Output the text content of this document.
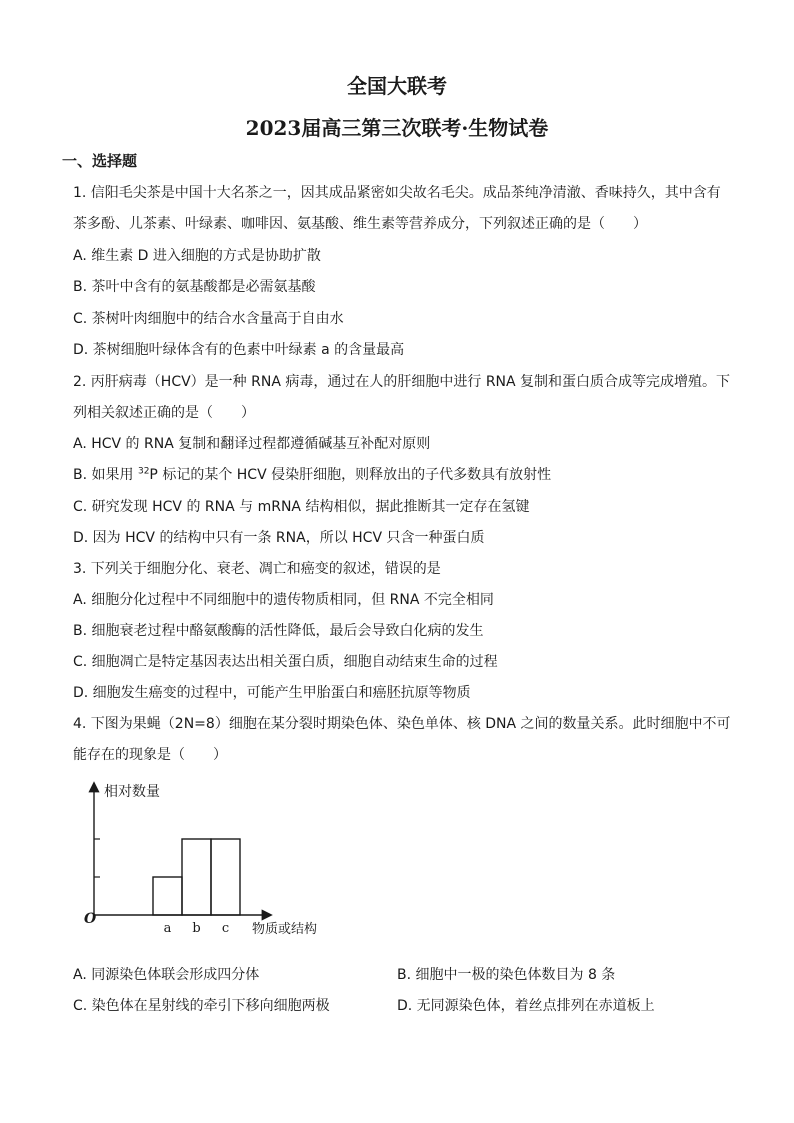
全国大联考
2023届高三第三次联考·生物试卷
一、选择题
1. 信阳毛尖茶是中国十大名茶之一，因其成品紧密如尖故名毛尖。成品茶纯净清澈、香味持久，其中含有
茶多酚、儿茶素、叶绿素、咖啡因、氨基酸、维生素等营养成分，下列叙述正确的是（　　）
A. 维生素 D 进入细胞的方式是协助扩散
B. 茶叶中含有的氨基酸都是必需氨基酸
C. 茶树叶肉细胞中的结合水含量高于自由水
D. 茶树细胞叶绿体含有的色素中叶绿素 a 的含量最高
2. 丙肝病毒（HCV）是一种 RNA 病毒，通过在人的肝细胞中进行 RNA 复制和蛋白质合成等完成增殖。下
列相关叙述正确的是（　　）
A. HCV 的 RNA 复制和翻译过程都遵循碱基互补配对原则
B. 如果用 $^{32}$P 标记的某个 HCV 侵染肝细胞，则释放出的子代多数具有放射性
C. 研究发现 HCV 的 RNA 与 mRNA 结构相似，据此推断其一定存在氢键
D. 因为 HCV 的结构中只有一条 RNA，所以 HCV 只含一种蛋白质
3. 下列关于细胞分化、衰老、凋亡和癌变的叙述，错误的是
A. 细胞分化过程中不同细胞中的遗传物质相同，但 RNA 不完全相同
B. 细胞衰老过程中酪氨酸酶的活性降低，最后会导致白化病的发生
C. 细胞凋亡是特定基因表达出相关蛋白质，细胞自动结束生命的过程
D. 细胞发生癌变的过程中，可能产生甲胎蛋白和癌胚抗原等物质
4. 下图为果蝇（2N=8）细胞在某分裂时期染色体、染色单体、核 DNA 之间的数量关系。此时细胞中不可
能存在的现象是（　　）
相对数量
物质或结构
O
a b c
A. 同源染色体联会形成四分体	B. 细胞中一极的染色体数目为 8 条
C. 染色体在星射线的牵引下移向细胞两极	D. 无同源染色体，着丝点排列在赤道板上
